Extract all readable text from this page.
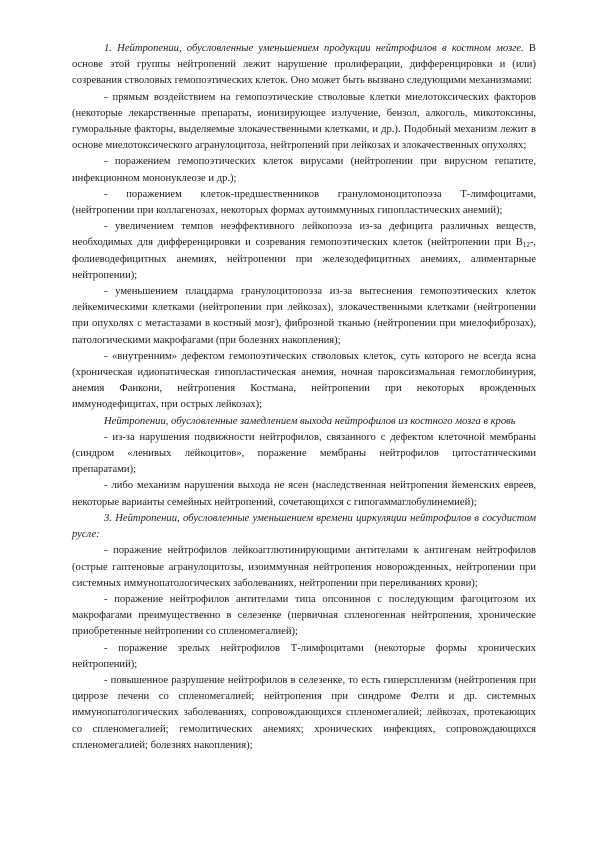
1. Нейтропении, обусловленные уменьшением продукции нейтрофилов в костном мозге. В основе этой группы нейтропений лежит нарушение пролиферации, дифференцировки и (или) созревания стволовых гемопоэтических клеток. Оно может быть вызвано следующими механизмами:

- прямым воздействием на гемопоэтические стволовые клетки миелотоксических факторов (некоторые лекарственные препараты, ионизирующее излучение, бензол, алкоголь, микотоксины, гуморальные факторы, выделяемые злокачественными клетками, и др.). Подобный механизм лежит в основе миелотоксического агранулоцитоза, нейтропений при лейкозах и злокачественных опухолях;

- поражением гемопоэтических клеток вирусами (нейтропении при вирусном гепатите, инфекционном мононуклеозе и др.);

- поражением клеток-предшественников грануломоноцитопоэза Т-лимфоцитами, (нейтропении при коллагенозах, некоторых формах аутоиммунных гипопластических анемий);

- увеличением темпов неэффективного лейкопоэза из-за дефицита различных веществ, необходимых для дифференцировки и созревания гемопоэтических клеток (нейтропении при $B_{12}-$, фолиеводефицитных анемиях, нейтропении при железодефицитных анемиях, алиментарные нейтропении);

- уменьшением плацдарма гранулоцитопоэза из-за вытеснения гемопоэтических клеток лейкемическими клетками (нейтропении при лейкозах), злокачественными клетками (нейтропении при опухолях с метастазами в костный мозг), фиброзной тканью (нейтропении при миелофиброзах), патологическими макрофагами (при болезнях накопления);

- «внутренним» дефектом гемопоэтических стволовых клеток, суть которого не всегда ясна (хроническая идиопатическая гипопластическая анемия, ночная пароксизмальная гемоглобинурия, анемия Фанкони, нейтропения Костмана, нейтропении при некоторых врожденных иммунодефицитах, при острых лейкозах);

Нейтропении, обусловленные замедлением выхода нейтрофилов из костного мозга в кровь

- из-за нарушения подвижности нейтрофилов, связанного с дефектом клеточной мембраны (синдром «ленивых лейкоцитов», поражение мембраны нейтрофилов цитостатическими препаратами);

- либо механизм нарушения выхода не ясен (наследственная нейтропения йеменских евреев, некоторые варианты семейных нейтропений, сочетающихся с гипогаммаглобулинемией);

3. Нейтропении, обусловленные уменьшением времени циркуляции нейтрофилов в сосудистом русле:

- поражение нейтрофилов лейкоагглютинирующими антителами к антигенам нейтрофилов (острые гаптеновые агранулоцитозы, изоиммунная нейтропения новорожденных, нейтропении при системных иммунопатологических заболеваниях, нейтропении при переливаниях крови);

- поражение нейтрофилов антителами типа опсонинов с последующим фагоцитозом их макрофагами преимущественно в селезенке (первичная спленогенная нейтропения, хронические приобретенные нейтропении со спленомегалией);

- поражение зрелых нейтрофилов Т-лимфоцитами (некоторые формы хронических нейтропений);

- повышенное разрушение нейтрофилов в селезенке, то есть гиперспленизм (нейтропения при циррозе печени со спленомегалией; нейтропения при синдроме Фелти и др. системных иммунопатологических заболеваниях, сопровождающихся спленомегалией; лейкозах, протекающих со спленомегалией; гемолитических анемиях; хронических инфекциях, сопровождающихся спленомегалией; болезнях накопления);
